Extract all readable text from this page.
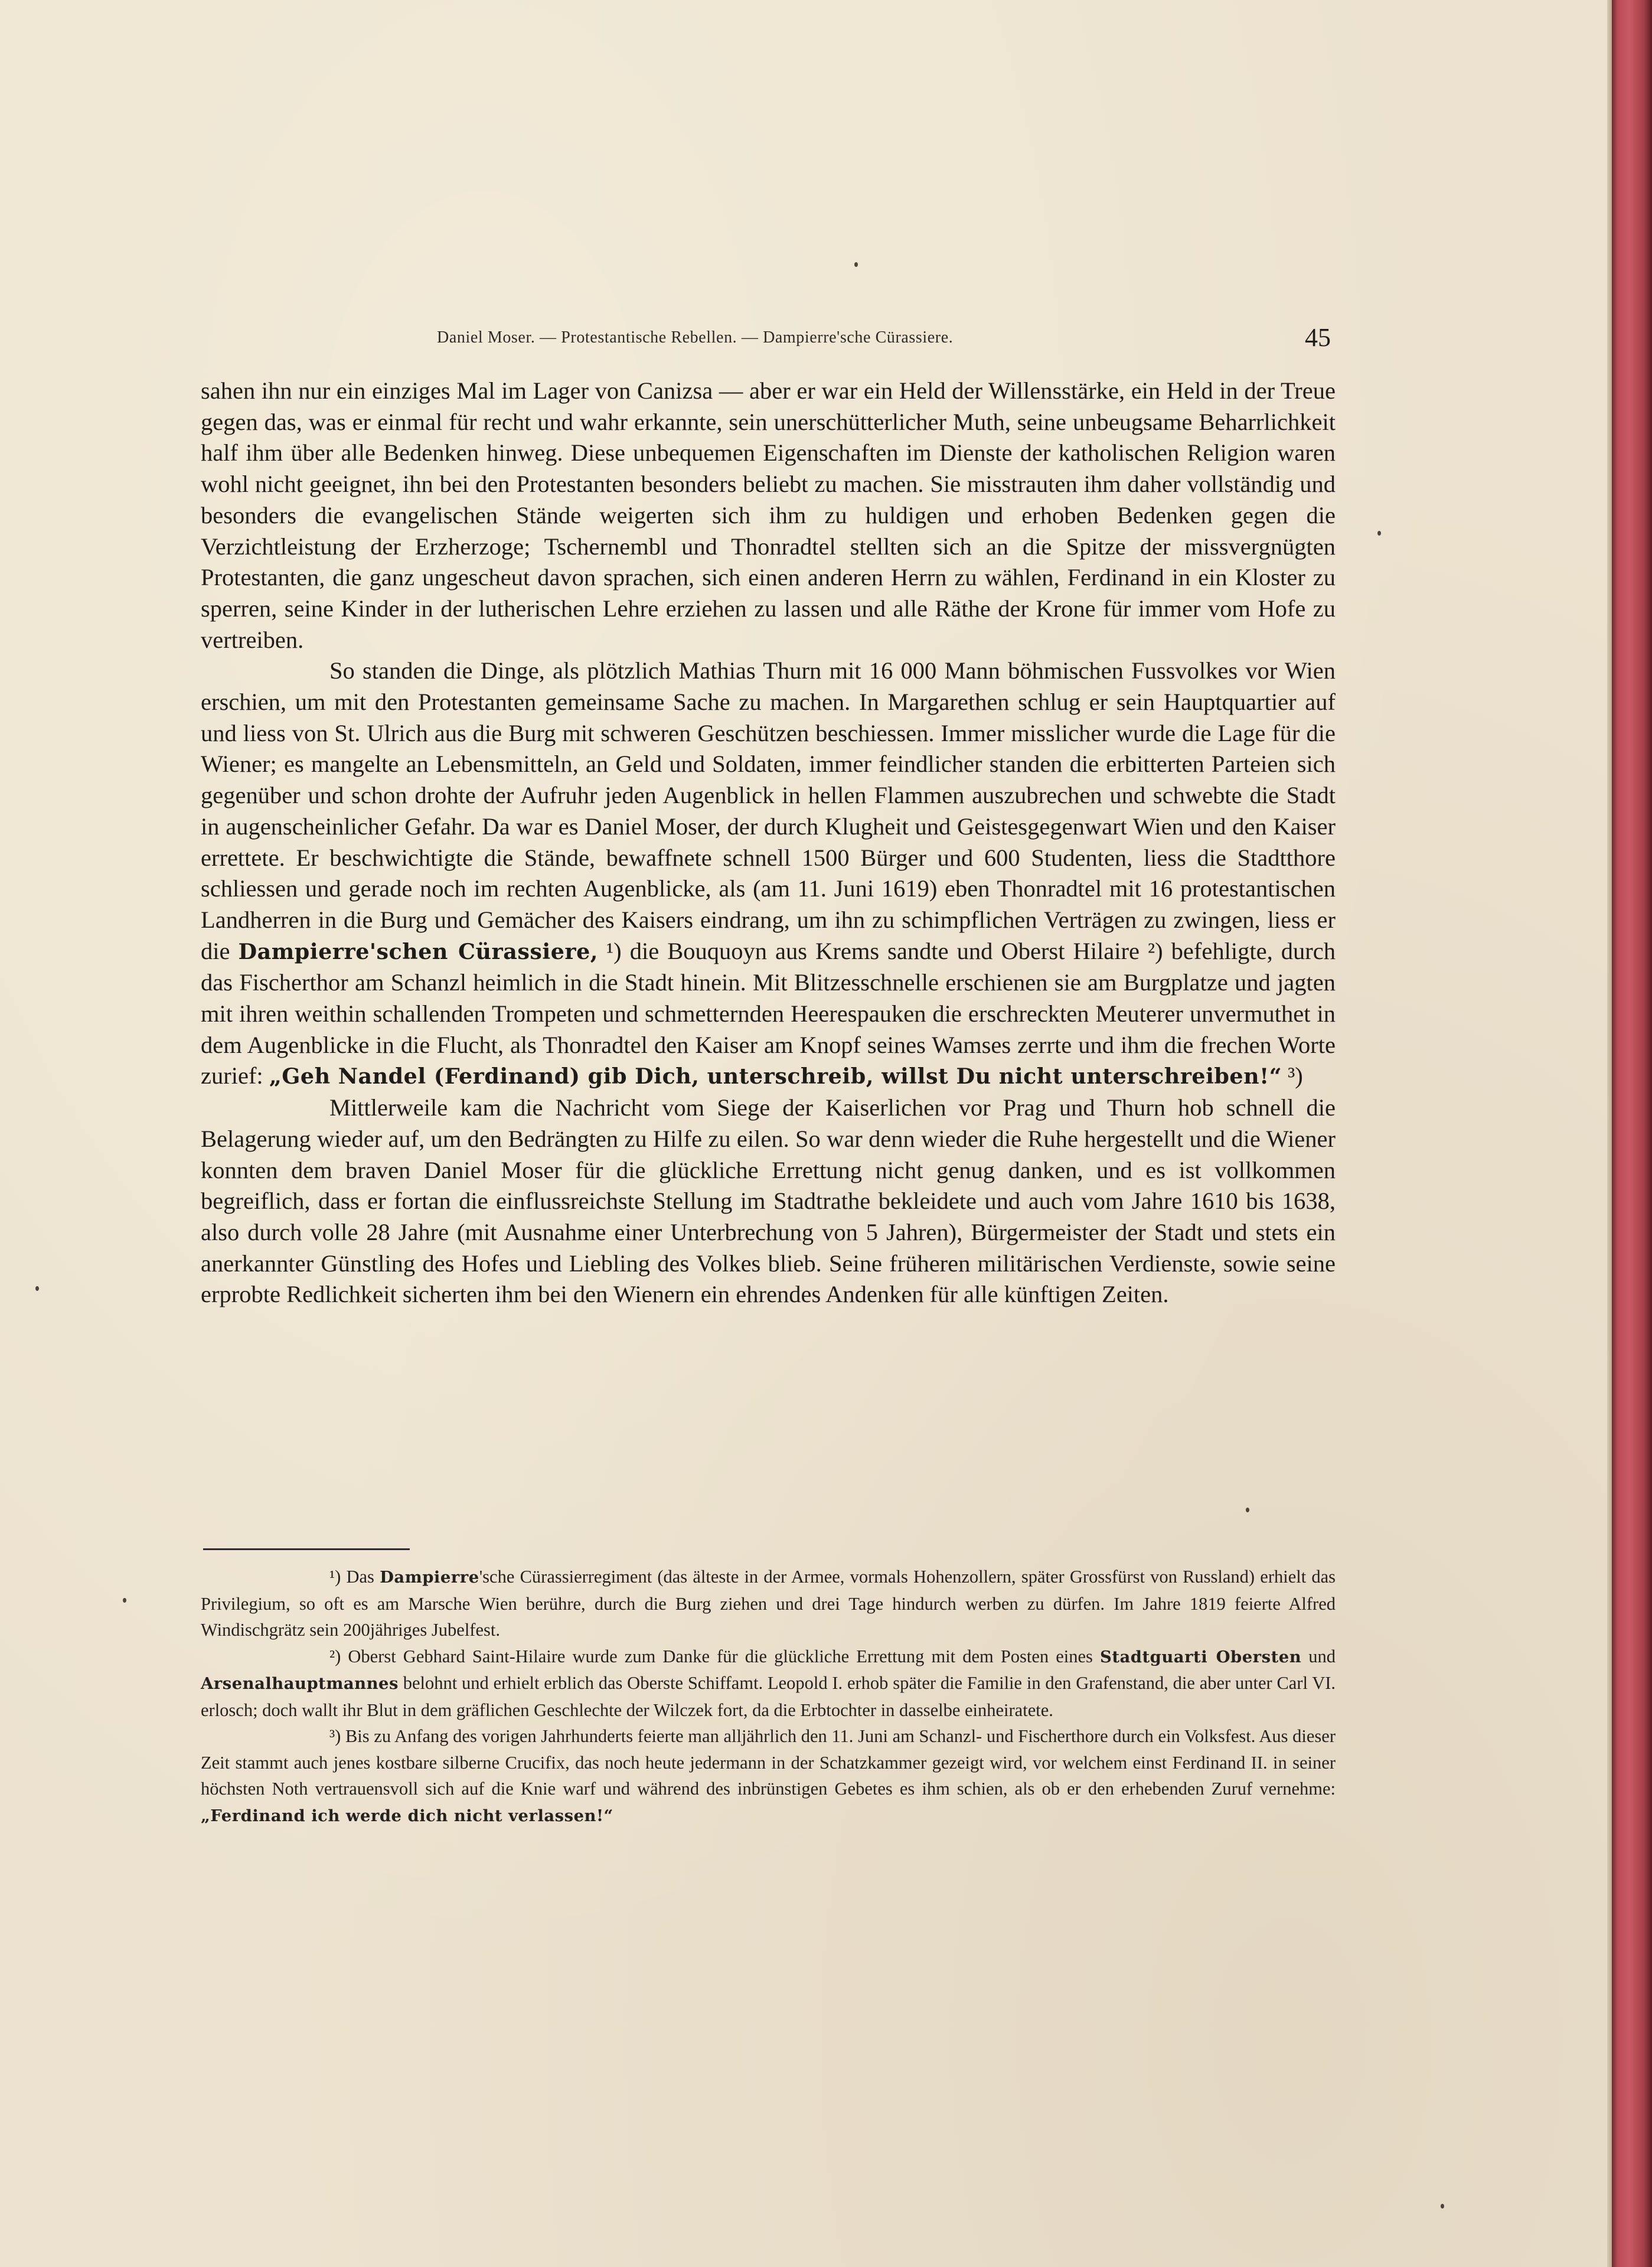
Daniel Moser. — Protestantische Rebellen. — Dampierre'sche Cürassiere.	45

sahen ihn nur ein einziges Mal im Lager von Canizsa — aber er war ein Held der Willensstärke, ein Held in der Treue gegen das, was er einmal für recht und wahr erkannte, sein unerschütterlicher Muth, seine unbeugsame Beharrlichkeit half ihm über alle Bedenken hinweg. Diese unbequemen Eigenschaften im Dienste der katholischen Religion waren wohl nicht geeignet, ihn bei den Protestanten besonders beliebt zu machen. Sie misstrauten ihm daher vollständig und besonders die evangelischen Stände weigerten sich ihm zu huldigen und erhoben Bedenken gegen die Verzichtleistung der Erzherzoge; Tschernembl und Thonradtel stellten sich an die Spitze der missvergnügten Protestanten, die ganz ungescheut davon sprachen, sich einen anderen Herrn zu wählen, Ferdinand in ein Kloster zu sperren, seine Kinder in der lutherischen Lehre erziehen zu lassen und alle Räthe der Krone für immer vom Hofe zu vertreiben.

So standen die Dinge, als plötzlich Mathias Thurn mit 16 000 Mann böhmischen Fussvolkes vor Wien erschien, um mit den Protestanten gemeinsame Sache zu machen. In Margarethen schlug er sein Hauptquartier auf und liess von St. Ulrich aus die Burg mit schweren Geschützen beschiessen. Immer misslicher wurde die Lage für die Wiener; es mangelte an Lebensmitteln, an Geld und Soldaten, immer feindlicher standen die erbitterten Parteien sich gegenüber und schon drohte der Aufruhr jeden Augenblick in hellen Flammen auszubrechen und schwebte die Stadt in augenscheinlicher Gefahr. Da war es Daniel Moser, der durch Klugheit und Geistesgegenwart Wien und den Kaiser errettete. Er beschwichtigte die Stände, bewaffnete schnell 1500 Bürger und 600 Studenten, liess die Stadtthore schliessen und gerade noch im rechten Augenblicke, als (am 11. Juni 1619) eben Thonradtel mit 16 protestantischen Landherren in die Burg und Gemächer des Kaisers eindrang, um ihn zu schimpflichen Verträgen zu zwingen, liess er die Dampierre'schen Cürassiere, ¹) die Bouquoyn aus Krems sandte und Oberst Hilaire ²) befehligte, durch das Fischerthor am Schanzl heimlich in die Stadt hinein. Mit Blitzesschnelle erschienen sie am Burgplatze und jagten mit ihren weithin schallenden Trompeten und schmetternden Heerespauken die erschreckten Meuterer unvermuthet in dem Augenblicke in die Flucht, als Thonradtel den Kaiser am Knopf seines Wamses zerrte und ihm die frechen Worte zurief: „Geh Nandel (Ferdinand) gib Dich, unterschreib, willst Du nicht unterschreiben!“ ³)

Mittlerweile kam die Nachricht vom Siege der Kaiserlichen vor Prag und Thurn hob schnell die Belagerung wieder auf, um den Bedrängten zu Hilfe zu eilen. So war denn wieder die Ruhe hergestellt und die Wiener konnten dem braven Daniel Moser für die glückliche Errettung nicht genug danken, und es ist vollkommen begreiflich, dass er fortan die einflussreichste Stellung im Stadtrathe bekleidete und auch vom Jahre 1610 bis 1638, also durch volle 28 Jahre (mit Ausnahme einer Unterbrechung von 5 Jahren), Bürgermeister der Stadt und stets ein anerkannter Günstling des Hofes und Liebling des Volkes blieb. Seine früheren militärischen Verdienste, sowie seine erprobte Redlichkeit sicherten ihm bei den Wienern ein ehrendes Andenken für alle künftigen Zeiten.

¹) Das Dampierre'sche Cürassierregiment (das älteste in der Armee, vormals Hohenzollern, später Grossfürst von Russland) erhielt das Privilegium, so oft es am Marsche Wien berühre, durch die Burg ziehen und drei Tage hindurch werben zu dürfen. Im Jahre 1819 feierte Alfred Windischgrätz sein 200jähriges Jubelfest.

²) Oberst Gebhard Saint-Hilaire wurde zum Danke für die glückliche Errettung mit dem Posten eines Stadtguarti Obersten und Arsenalhauptmannes belohnt und erhielt erblich das Oberste Schiffamt. Leopold I. erhob später die Familie in den Grafenstand, die aber unter Carl VI. erlosch; doch wallt ihr Blut in dem gräflichen Geschlechte der Wilczek fort, da die Erbtochter in dasselbe einheiratete.

³) Bis zu Anfang des vorigen Jahrhunderts feierte man alljährlich den 11. Juni am Schanzl- und Fischerthore durch ein Volksfest. Aus dieser Zeit stammt auch jenes kostbare silberne Crucifix, das noch heute jedermann in der Schatzkammer gezeigt wird, vor welchem einst Ferdinand II. in seiner höchsten Noth vertrauensvoll sich auf die Knie warf und während des inbrünstigen Gebetes es ihm schien, als ob er den erhebenden Zuruf vernehme: „Ferdinand ich werde dich nicht verlassen!“
